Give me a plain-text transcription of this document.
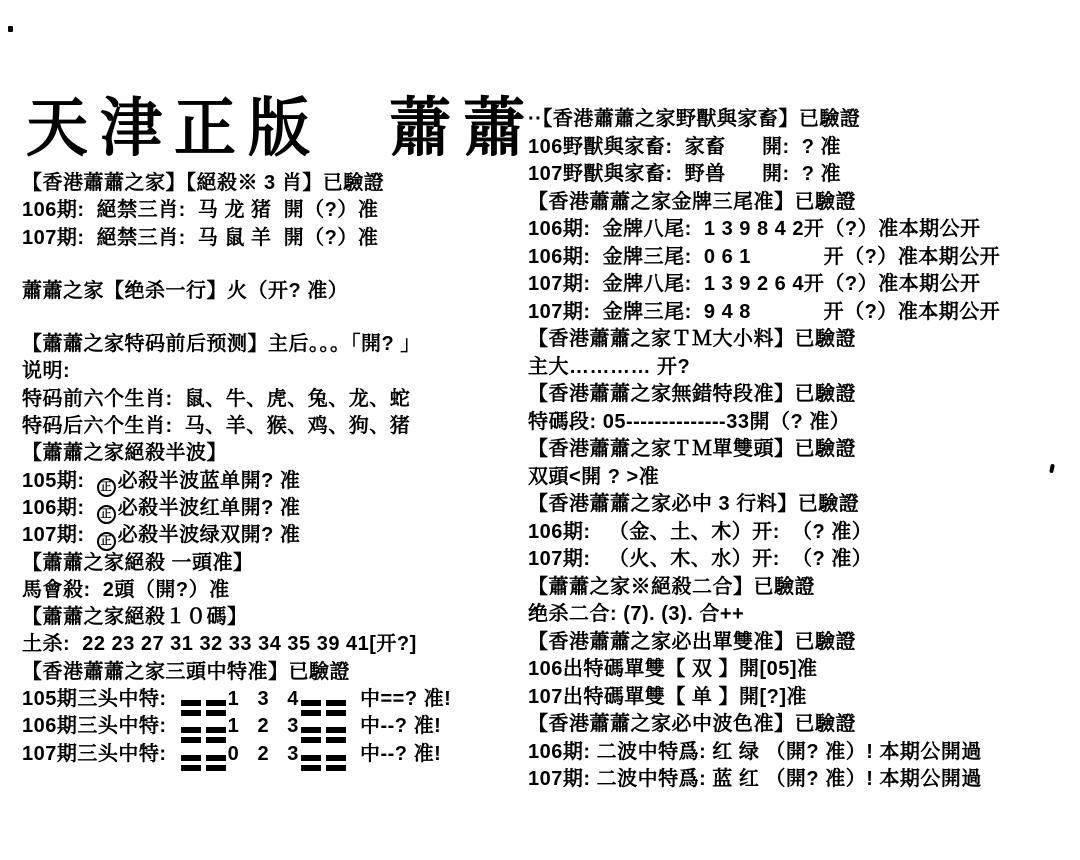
天津正版  蕭蕭
【香港蕭蕭之家】【絕殺※ 3 肖】已驗證
106期:  絕禁三肖:  马 龙 猪  開（?）准
107期:  絕禁三肖:  马 鼠 羊  開（?）准
蕭蕭之家【绝杀一行】火（开? 准）
【蕭蕭之家特码前后预测】主后。。。「開? 」
说明:
特码前六个生肖:  鼠、牛、虎、兔、龙、蛇
特码后六个生肖:  马、羊、猴、鸡、狗、猪
【蕭蕭之家絕殺半波】
105期:  正 必殺半波蓝单開? 准
106期:  正 必殺半波红单開? 准
107期:  正 必殺半波绿双開? 准
【蕭蕭之家絕殺 一頭准】
馬會殺:  2頭（開?）准
【蕭蕭之家絕殺１０碼】
土杀:  22 23 27 31 32 33 34 35 39 41[开?]
【香港蕭蕭之家三頭中特准】已驗證
105期三头中特:
1   3   4
中==? 准!
106期三头中特:
1   2   3
中--? 准!
107期三头中特:
0   2   3
中--? 准!
··【香港蕭蕭之家野獸與家畜】已驗證
106野獸與家畜:  家畜      開:  ? 准
107野獸與家畜:  野兽      開:  ? 准
【香港蕭蕭之家金牌三尾准】已驗證
106期:  金牌八尾:  1 3 9 8 4 2开（?）准本期公开
106期:  金牌三尾:  0 6 1            开（?）准本期公开
107期:  金牌八尾:  1 3 9 2 6 4开（?）准本期公开
107期:  金牌三尾:  9 4 8            开（?）准本期公开
【香港蕭蕭之家ＴＭ大小料】已驗證
主大………… 开?
【香港蕭蕭之家無錯特段准】已驗證
特碼段: 05--------------33開（? 准）
【香港蕭蕭之家ＴＭ單雙頭】已驗證
双頭<開 ? >准
【香港蕭蕭之家必中 3 行料】已驗證
106期:   （金、土、木）开:  （? 准）
107期:   （火、木、水）开:  （? 准）
【蕭蕭之家※絕殺二合】已驗證
绝杀二合: (7). (3). 合++
【香港蕭蕭之家必出單雙准】已驗證
106出特碼單雙【 双 】開[05]准
107出特碼單雙【 单 】開[?]准
【香港蕭蕭之家必中波色准】已驗證
106期: 二波中特爲: 红 绿 （開? 准）! 本期公開過
107期: 二波中特爲: 蓝 红 （開? 准）! 本期公開過
